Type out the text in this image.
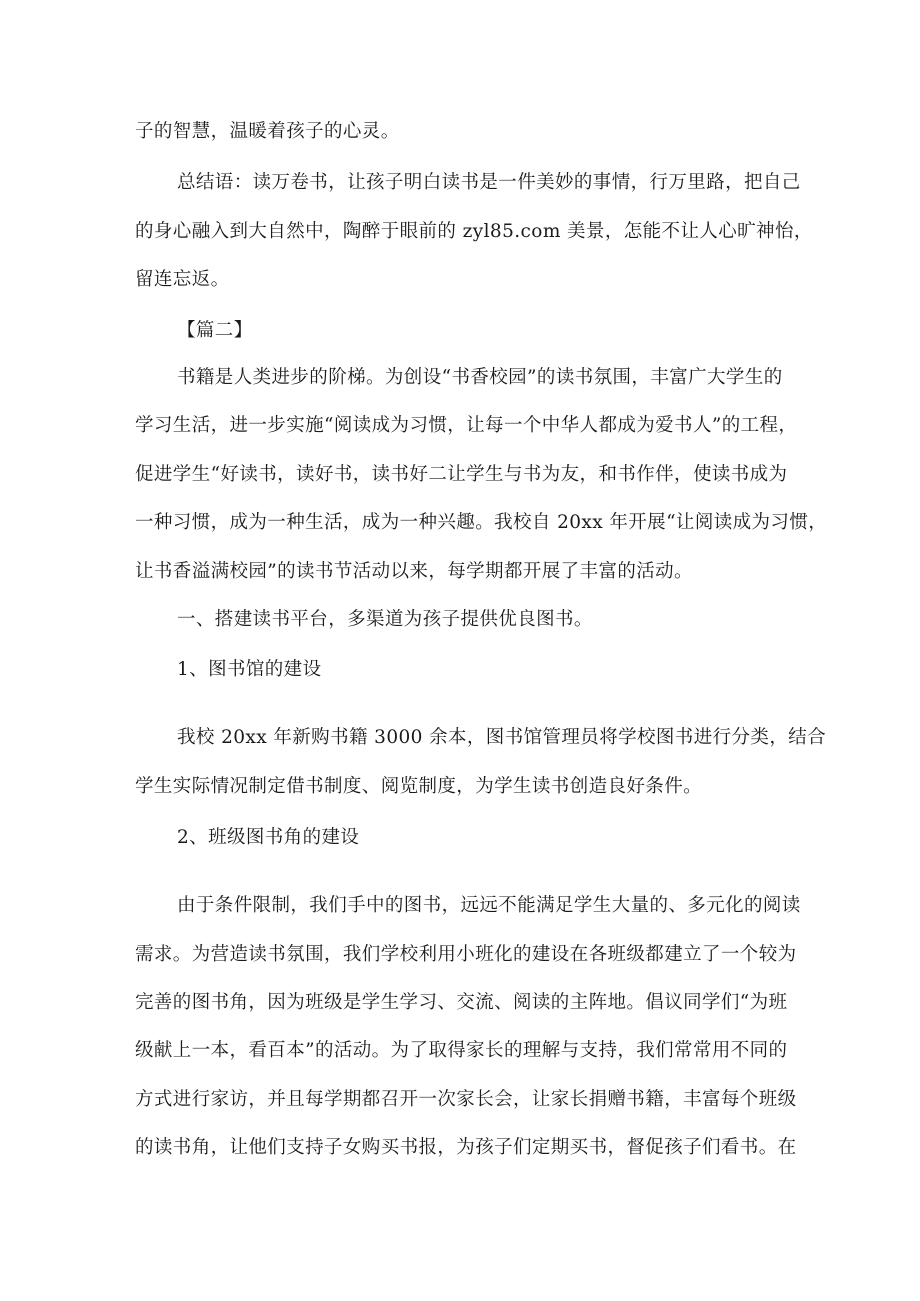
子的智慧，温暖着孩子的心灵。
总结语：读万卷书，让孩子明白读书是一件美妙的事情，行万里路，把自己
的身心融入到大自然中，陶醉于眼前的 zyl85.com 美景，怎能不让人心旷神怡，
留连忘返。
【篇二】
书籍是人类进步的阶梯。为创设“书香校园”的读书氛围，丰富广大学生的
学习生活，进一步实施“阅读成为习惯，让每一个中华人都成为爱书人”的工程，
促进学生“好读书，读好书，读书好二让学生与书为友，和书作伴，使读书成为
一种习惯，成为一种生活，成为一种兴趣。我校自 20xx 年开展“让阅读成为习惯，
让书香溢满校园”的读书节活动以来，每学期都开展了丰富的活动。
一、搭建读书平台，多渠道为孩子提供优良图书。
1、图书馆的建设
我校 20xx 年新购书籍 3000 余本，图书馆管理员将学校图书进行分类，结合
学生实际情况制定借书制度、阅览制度，为学生读书创造良好条件。
2、班级图书角的建设
由于条件限制，我们手中的图书，远远不能满足学生大量的、多元化的阅读
需求。为营造读书氛围，我们学校利用小班化的建设在各班级都建立了一个较为
完善的图书角，因为班级是学生学习、交流、阅读的主阵地。倡议同学们“为班
级献上一本，看百本”的活动。为了取得家长的理解与支持，我们常常用不同的
方式进行家访，并且每学期都召开一次家长会，让家长捐赠书籍，丰富每个班级
的读书角，让他们支持子女购买书报，为孩子们定期买书，督促孩子们看书。在
